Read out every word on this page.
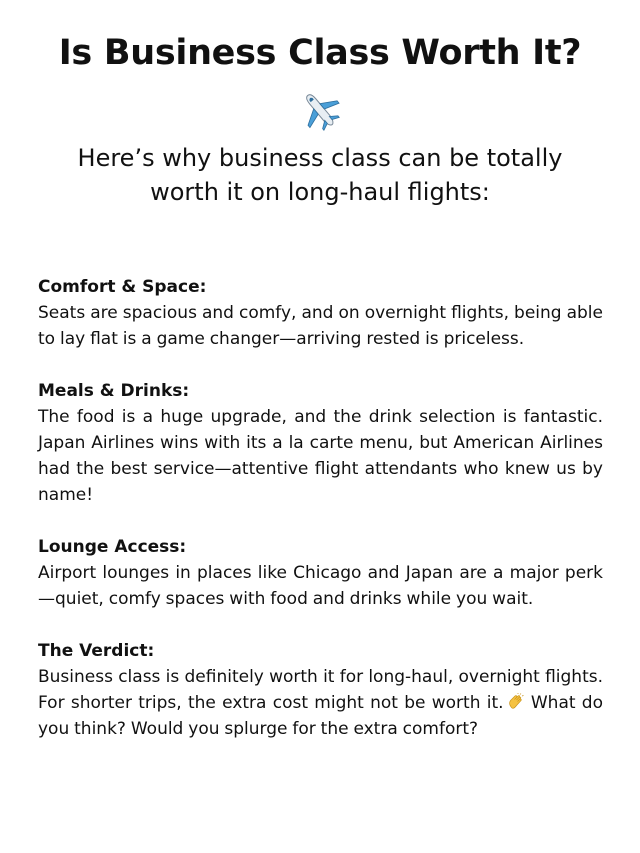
Is Business Class Worth It?

Here’s why business class can be totally worth it on long-haul flights:

Comfort & Space:

Seats are spacious and comfy, and on overnight flights, being able to lay flat is a game changer—arriving rested is priceless.

Meals & Drinks:

The food is a huge upgrade, and the drink selection is fantastic. Japan Airlines wins with its a la carte menu, but American Airlines had the best service—attentive flight attendants who knew us by name!

Lounge Access:

Airport lounges in places like Chicago and Japan are a major perk—quiet, comfy spaces with food and drinks while you wait.

The Verdict:

Business class is definitely worth it for long-haul, overnight flights. For shorter trips, the extra cost might not be worth it. What do you think? Would you splurge for the extra comfort?
